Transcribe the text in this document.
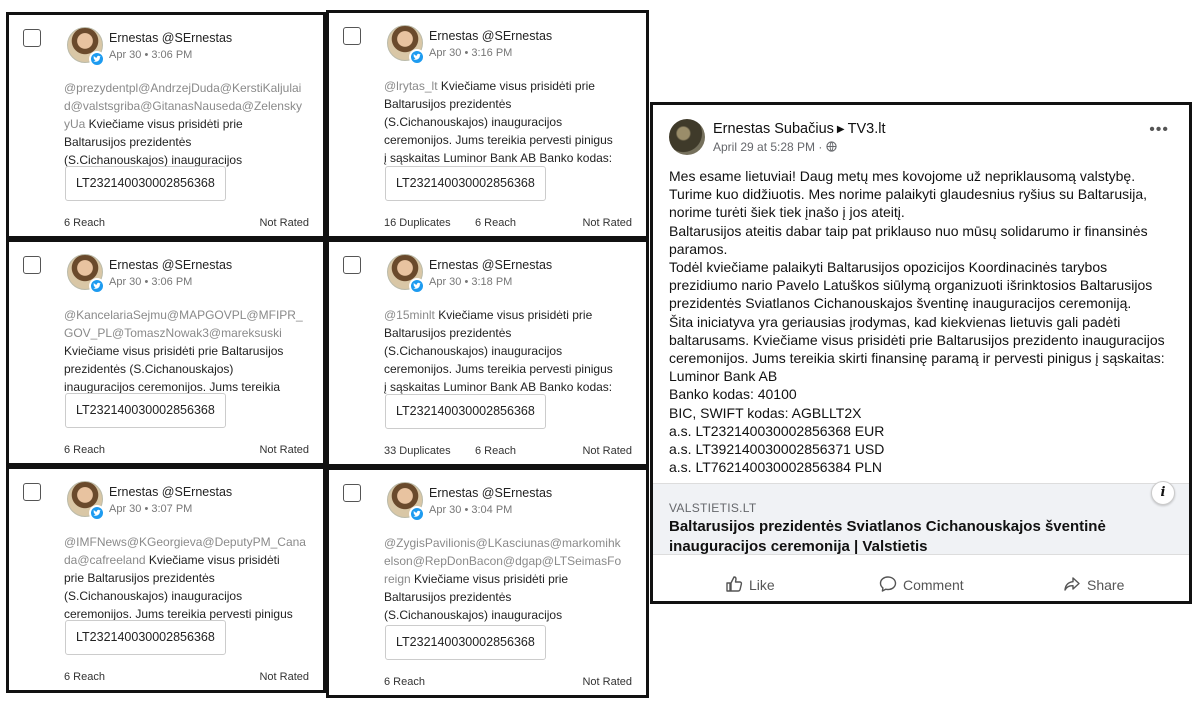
Ernestas @SErnestas
Apr 30 • 3:06 PM
@prezydentpl@AndrzejDuda@KerstiKaljulai
d@valstsgriba@GitanasNauseda@Zelensky
yUa Kviečiame visus prisidėti prie
Baltarusijos prezidentės
(S.Cichanouskajos) inauguracijos
LT232140030002856368
6 Reach	Not Rated
Ernestas @SErnestas
Apr 30 • 3:06 PM
@KancelariaSejmu@MAPGOVPL@MFIPR_
GOV_PL@TomaszNowak3@mareksuski
Kviečiame visus prisidėti prie Baltarusijos
prezidentės (S.Cichanouskajos)
inauguracijos ceremonijos. Jums tereikia
LT232140030002856368
6 Reach	Not Rated
Ernestas @SErnestas
Apr 30 • 3:07 PM
@IMFNews@KGeorgieva@DeputyPM_Cana
da@cafreeland Kviečiame visus prisidėti
prie Baltarusijos prezidentės
(S.Cichanouskajos) inauguracijos
ceremonijos. Jums tereikia pervesti pinigus
LT232140030002856368
6 Reach	Not Rated
Ernestas @SErnestas
Apr 30 • 3:16 PM
@lrytas_lt Kviečiame visus prisidėti prie
Baltarusijos prezidentės
(S.Cichanouskajos) inauguracijos
ceremonijos. Jums tereikia pervesti pinigus
į sąskaitas Luminor Bank AB Banko kodas:
LT232140030002856368
16 Duplicates 6 Reach	Not Rated
Ernestas @SErnestas
Apr 30 • 3:18 PM
@15minlt Kviečiame visus prisidėti prie
Baltarusijos prezidentės
(S.Cichanouskajos) inauguracijos
ceremonijos. Jums tereikia pervesti pinigus
į sąskaitas Luminor Bank AB Banko kodas:
LT232140030002856368
33 Duplicates 6 Reach	Not Rated
Ernestas @SErnestas
Apr 30 • 3:04 PM
@ZygisPavilionis@LKasciunas@markomihk
elson@RepDonBacon@dgap@LTSeimasFo
reign Kviečiame visus prisidėti prie
Baltarusijos prezidentės
(S.Cichanouskajos) inauguracijos
LT232140030002856368
6 Reach	Not Rated
Ernestas Subačius ▶ TV3.lt
April 29 at 5:28 PM ·
•••
Mes esame lietuviai! Daug metų mes kovojome už nepriklausomą valstybę.
Turime kuo didžiuotis. Mes norime palaikyti glaudesnius ryšius su Baltarusija,
norime turėti šiek tiek įnašo į jos ateitį.
Baltarusijos ateitis dabar taip pat priklauso nuo mūsų solidarumo ir finansinės
paramos.
Todėl kviečiame palaikyti Baltarusijos opozicijos Koordinacinės tarybos
prezidiumo nario Pavelo Latuškos siūlymą organizuoti išrinktosios Baltarusijos
prezidentės Sviatlanos Cichanouskajos šventinę inauguracijos ceremoniją.
Šita iniciatyva yra geriausias įrodymas, kad kiekvienas lietuvis gali padėti
baltarusams. Kviečiame visus prisidėti prie Baltarusijos prezidento inauguracijos
ceremonijos. Jums tereikia skirti finansinę paramą ir pervesti pinigus į sąskaitas:
Luminor Bank AB
Banko kodas: 40100
BIC, SWIFT kodas: AGBLLT2X
a.s. LT232140030002856368 EUR
a.s. LT392140030002856371 USD
a.s. LT762140030002856384 PLN
i
VALSTIETIS.LT
Baltarusijos prezidentės Sviatlanos Cichanouskajos šventinė inauguracijos ceremonija | Valstietis
Like	Comment	Share
